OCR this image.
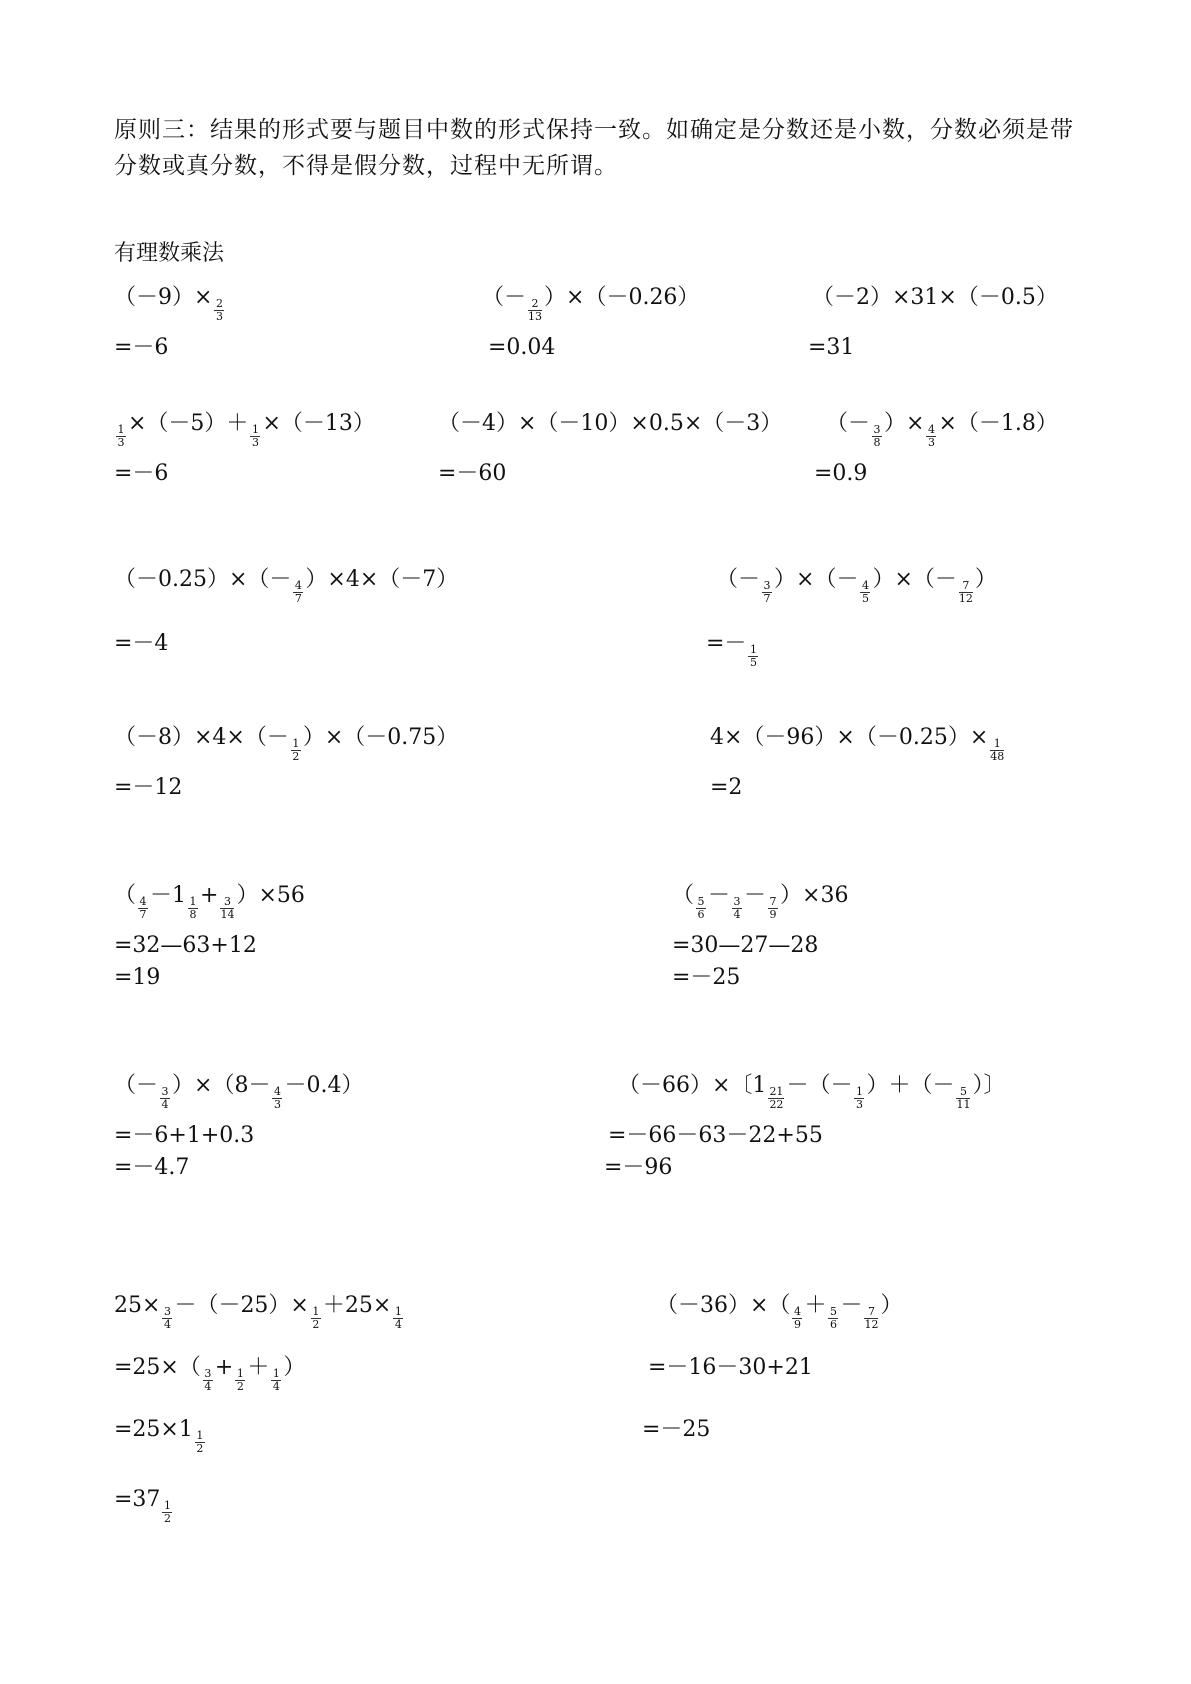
原则三：结果的形式要与题目中数的形式保持一致。如确定是分数还是小数，分数必须是带分数或真分数，不得是假分数，过程中无所谓。
有理数乘法
（－9）×
$\frac{2}{3}$
=－6
（－
$\frac{2}{13}$
）×（－0.26）
=0.04
（－2）×31×（－0.5）
=31
$\frac{1}{3}$
×（－5）＋
$\frac{1}{3}$
×（－13）
=－6
（－4）×（－10）×0.5×（－3）
=－60
（－
$\frac{3}{8}$
）×
$\frac{4}{3}$
×（－1.8）
=0.9
（－0.25）×（－
$\frac{4}{7}$
）×4×（－7）
=－4
（－
$\frac{3}{7}$
）×（－
$\frac{4}{5}$
）×（－
$\frac{7}{12}$
）
=－
$\frac{1}{5}$
（－8）×4×（－
$\frac{1}{2}$
）×（－0.75）
=－12
4×（－96）×（－0.25）×
$\frac{1}{48}$
=2
（
$\frac{4}{7}$
－1
$\frac{1}{8}$
+
$\frac{3}{14}$
）×56
=32—63+12
=19
（
$\frac{5}{6}$
－
$\frac{3}{4}$
－
$\frac{7}{9}$
）×36
=30—27—28
=－25
（－
$\frac{3}{4}$
）×（8－
$\frac{4}{3}$
－0.4）
=－6+1+0.3
=－4.7
（－66）×〔1
$\frac{21}{22}$
－（－
$\frac{1}{3}$
）＋（－
$\frac{5}{11}$
）〕
=－66－63－22+55
=－96
25×
$\frac{3}{4}$
－（－25）×
$\frac{1}{2}$
＋25×
$\frac{1}{4}$
=25×（
$\frac{3}{4}$
+
$\frac{1}{2}$
＋
$\frac{1}{4}$
）
=25×1
$\frac{1}{2}$
=37
$\frac{1}{2}$
（－36）×（
$\frac{4}{9}$
＋
$\frac{5}{6}$
－
$\frac{7}{12}$
）
=－16－30+21
=－25
